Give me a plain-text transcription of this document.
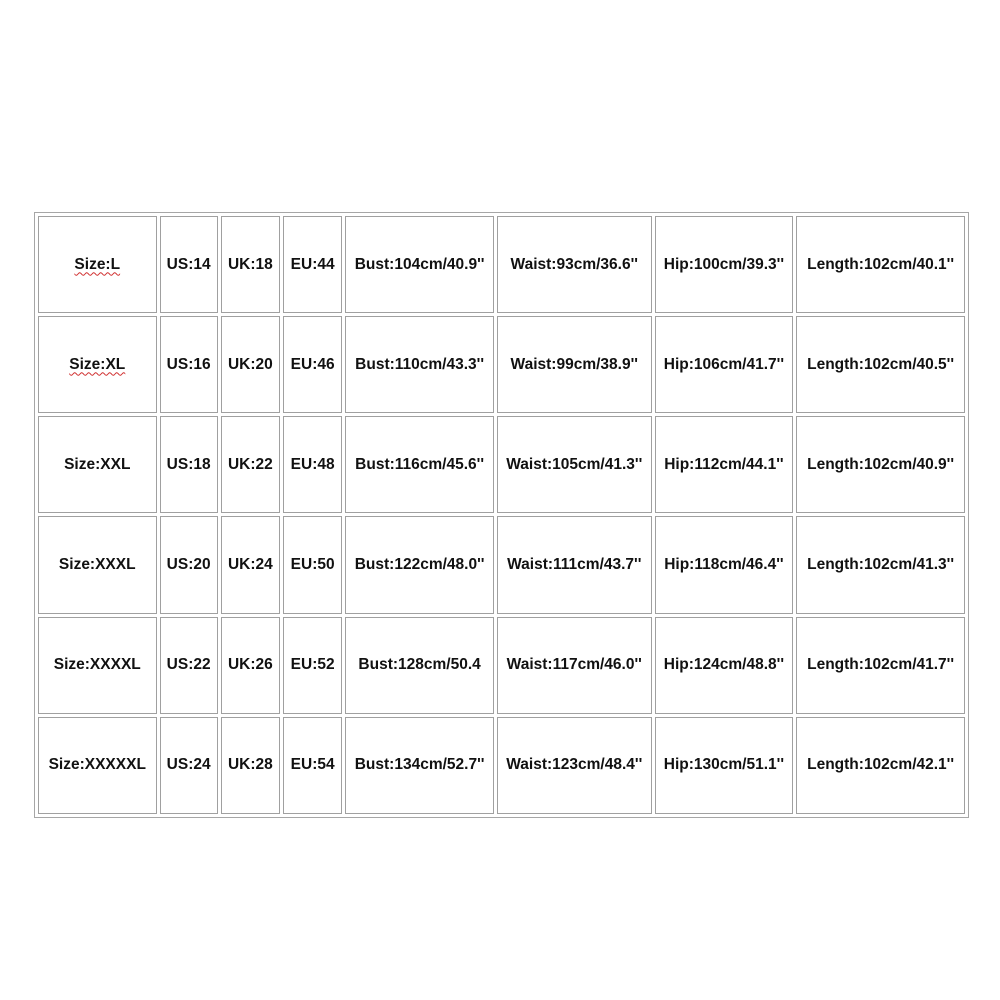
Size:L	US:14	UK:18	EU:44	Bust:104cm/40.9''	Waist:93cm/36.6''	Hip:100cm/39.3''	Length:102cm/40.1''
Size:XL	US:16	UK:20	EU:46	Bust:110cm/43.3''	Waist:99cm/38.9''	Hip:106cm/41.7''	Length:102cm/40.5''
Size:XXL	US:18	UK:22	EU:48	Bust:116cm/45.6''	Waist:105cm/41.3''	Hip:112cm/44.1''	Length:102cm/40.9''
Size:XXXL	US:20	UK:24	EU:50	Bust:122cm/48.0''	Waist:111cm/43.7''	Hip:118cm/46.4''	Length:102cm/41.3''
Size:XXXXL	US:22	UK:26	EU:52	Bust:128cm/50.4	Waist:117cm/46.0''	Hip:124cm/48.8''	Length:102cm/41.7''
Size:XXXXXL	US:24	UK:28	EU:54	Bust:134cm/52.7''	Waist:123cm/48.4''	Hip:130cm/51.1''	Length:102cm/42.1''
